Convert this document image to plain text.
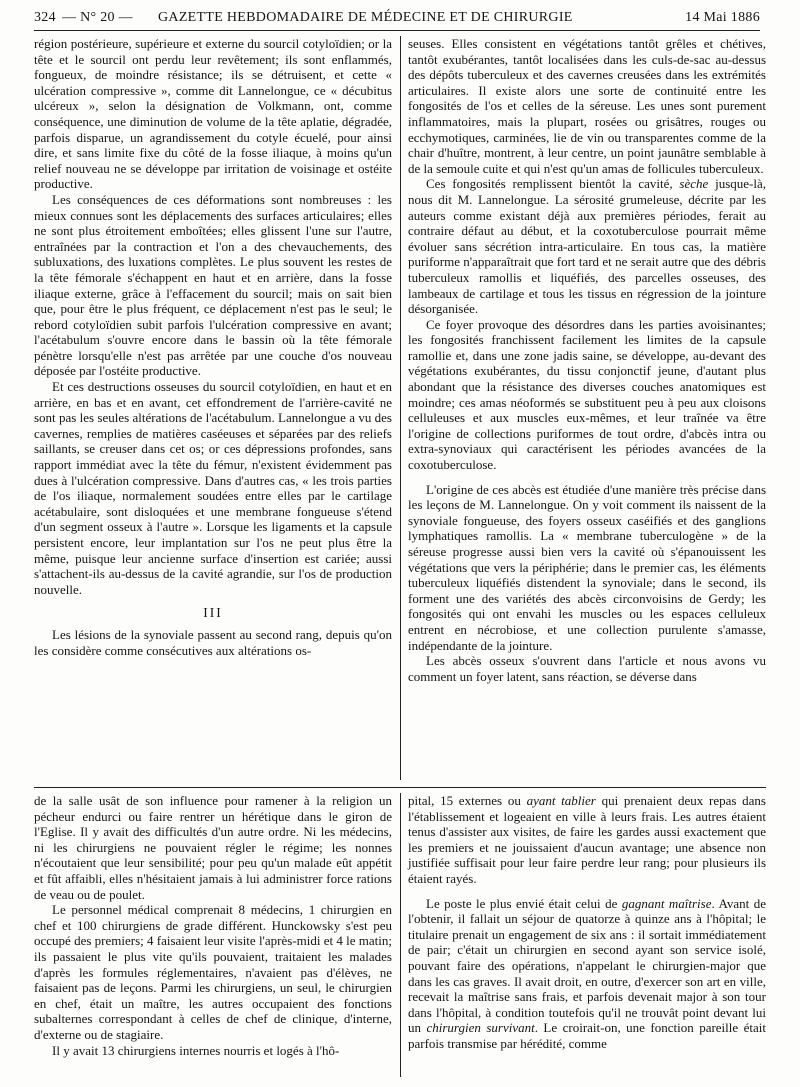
324 — N° 20 — GAZETTE HEBDOMADAIRE DE MÉDECINE ET DE CHIRURGIE	14 Mai 1886

région postérieure, supérieure et externe du sourcil cotyloïdien; or la tête et le sourcil ont perdu leur revêtement; ils sont enflammés, fongueux, de moindre résistance; ils se détruisent, et cette « ulcération compressive », comme dit Lannelongue, ce « décubitus ulcéreux », selon la désignation de Volkmann, ont, comme conséquence, une diminution de volume de la tête aplatie, dégradée, parfois disparue, un agrandissement du cotyle écuelé, pour ainsi dire, et sans limite fixe du côté de la fosse iliaque, à moins qu'un relief nouveau ne se développe par irritation de voisinage et ostéite productive.

Les conséquences de ces déformations sont nombreuses : les mieux connues sont les déplacements des surfaces articulaires; elles ne sont plus étroitement emboîtées; elles glissent l'une sur l'autre, entraînées par la contraction et l'on a des chevauchements, des subluxations, des luxations complètes. Le plus souvent les restes de la tête fémorale s'échappent en haut et en arrière, dans la fosse iliaque externe, grâce à l'effacement du sourcil; mais on sait bien que, pour être le plus fréquent, ce déplacement n'est pas le seul; le rebord cotyloïdien subit parfois l'ulcération compressive en avant; l'acétabulum s'ouvre encore dans le bassin où la tête fémorale pénètre lorsqu'elle n'est pas arrêtée par une couche d'os nouveau déposée par l'ostéite productive.

Et ces destructions osseuses du sourcil cotyloïdien, en haut et en arrière, en bas et en avant, cet effondrement de l'arrière-cavité ne sont pas les seules altérations de l'acétabulum. Lannelongue a vu des cavernes, remplies de matières caséeuses et séparées par des reliefs saillants, se creuser dans cet os; or ces dépressions profondes, sans rapport immédiat avec la tête du fémur, n'existent évidemment pas dues à l'ulcération compressive. Dans d'autres cas, « les trois parties de l'os iliaque, normalement soudées entre elles par le cartilage acétabulaire, sont disloquées et une membrane fongueuse s'étend d'un segment osseux à l'autre ». Lorsque les ligaments et la capsule persistent encore, leur implantation sur l'os ne peut plus être la même, puisque leur ancienne surface d'insertion est cariée; aussi s'attachent-ils au-dessus de la cavité agrandie, sur l'os de production nouvelle.

III

Les lésions de la synoviale passent au second rang, depuis qu'on les considère comme consécutives aux altérations os-

seuses. Elles consistent en végétations tantôt grêles et chétives, tantôt exubérantes, tantôt localisées dans les culs-de-sac au-dessus des dépôts tuberculeux et des cavernes creusées dans les extrémités articulaires. Il existe alors une sorte de continuité entre les fongosités de l'os et celles de la séreuse. Les unes sont purement inflammatoires, mais la plupart, rosées ou grisâtres, rouges ou ecchymotiques, carminées, lie de vin ou transparentes comme de la chair d'huître, montrent, à leur centre, un point jaunâtre semblable à de la semoule cuite et qui n'est qu'un amas de follicules tuberculeux.

Ces fongosités remplissent bientôt la cavité, sèche jusque-là, nous dit M. Lannelongue. La sérosité grumeleuse, décrite par les auteurs comme existant déjà aux premières périodes, ferait au contraire défaut au début, et la coxotuberculose pourrait même évoluer sans sécrétion intra-articulaire. En tous cas, la matière puriforme n'apparaîtrait que fort tard et ne serait autre que des débris tuberculeux ramollis et liquéfiés, des parcelles osseuses, des lambeaux de cartilage et tous les tissus en régression de la jointure désorganisée.

Ce foyer provoque des désordres dans les parties avoisinantes; les fongosités franchissent facilement les limites de la capsule ramollie et, dans une zone jadis saine, se développe, au-devant des végétations exubérantes, du tissu conjonctif jeune, d'autant plus abondant que la résistance des diverses couches anatomiques est moindre; ces amas néoformés se substituent peu à peu aux cloisons celluleuses et aux muscles eux-mêmes, et leur traînée va être l'origine de collections puriformes de tout ordre, d'abcès intra ou extra-synoviaux qui caractérisent les périodes avancées de la coxotuberculose.

L'origine de ces abcès est étudiée d'une manière très précise dans les leçons de M. Lannelongue. On y voit comment ils naissent de la synoviale fongueuse, des foyers osseux caséifiés et des ganglions lymphatiques ramollis. La « membrane tuberculogène » de la séreuse progresse aussi bien vers la cavité où s'épanouissent les végétations que vers la périphérie; dans le premier cas, les éléments tuberculeux liquéfiés distendent la synoviale; dans le second, ils forment une des variétés des abcès circonvoisins de Gerdy; les fongosités qui ont envahi les muscles ou les espaces celluleux entrent en nécrobiose, et une collection purulente s'amasse, indépendante de la jointure.

Les abcès osseux s'ouvrent dans l'article et nous avons vu comment un foyer latent, sans réaction, se déverse dans

de la salle usât de son influence pour ramener à la religion un pécheur endurci ou faire rentrer un hérétique dans le giron de l'Eglise. Il y avait des difficultés d'un autre ordre. Ni les médecins, ni les chirurgiens ne pouvaient régler le régime; les nonnes n'écoutaient que leur sensibilité; pour peu qu'un malade eût appétit et fût affaibli, elles n'hésitaient jamais à lui administrer force rations de veau ou de poulet.

Le personnel médical comprenait 8 médecins, 1 chirurgien en chef et 100 chirurgiens de grade différent. Hunckowsky s'est peu occupé des premiers; 4 faisaient leur visite l'après-midi et 4 le matin; ils passaient le plus vite qu'ils pouvaient, traitaient les malades d'après les formules réglementaires, n'avaient pas d'élèves, ne faisaient pas de leçons. Parmi les chirurgiens, un seul, le chirurgien en chef, était un maître, les autres occupaient des fonctions subalternes correspondant à celles de chef de clinique, d'interne, d'externe ou de stagiaire.

Il y avait 13 chirurgiens internes nourris et logés à l'hô-

pital, 15 externes ou ayant tablier qui prenaient deux repas dans l'établissement et logeaient en ville à leurs frais. Les autres étaient tenus d'assister aux visites, de faire les gardes aussi exactement que les premiers et ne jouissaient d'aucun avantage; une absence non justifiée suffisait pour leur faire perdre leur rang; pour plusieurs ils étaient rayés.

Le poste le plus envié était celui de gagnant maîtrise. Avant de l'obtenir, il fallait un séjour de quatorze à quinze ans à l'hôpital; le titulaire prenait un engagement de six ans : il sortait immédiatement de pair; c'était un chirurgien en second ayant son service isolé, pouvant faire des opérations, n'appelant le chirurgien-major que dans les cas graves. Il avait droit, en outre, d'exercer son art en ville, recevait la maîtrise sans frais, et parfois devenait major à son tour dans l'hôpital, à condition toutefois qu'il ne trouvât point devant lui un chirurgien survivant. Le croirait-on, une fonction pareille était parfois transmise par hérédité, comme
